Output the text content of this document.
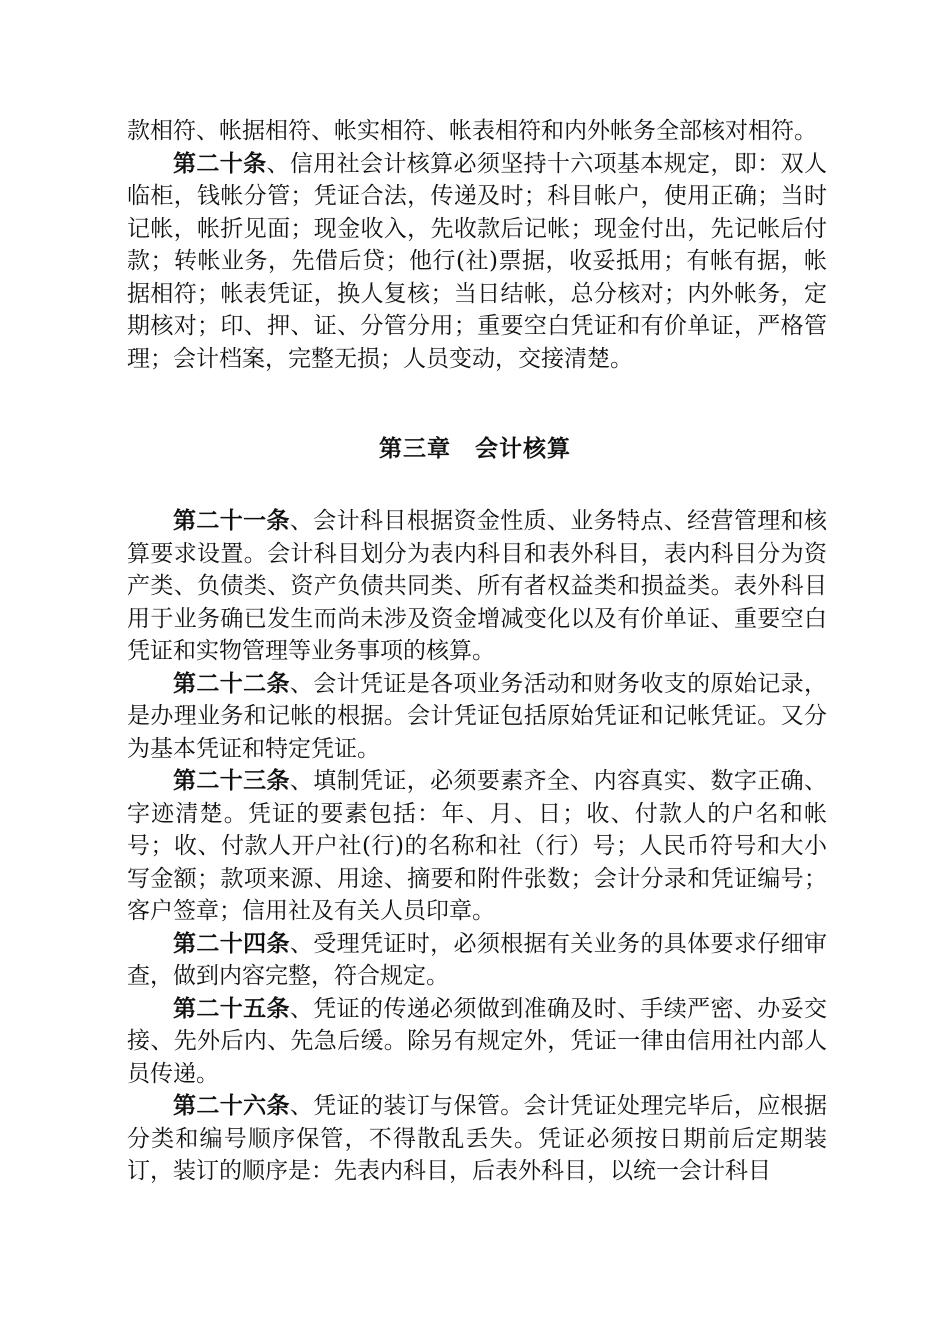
款相符、帐据相符、帐实相符、帐表相符和内外帐务全部核对相符。

第二十条、信用社会计核算必须坚持十六项基本规定，即：双人临柜，钱帐分管；凭证合法，传递及时；科目帐户，使用正确；当时记帐，帐折见面；现金收入，先收款后记帐；现金付出，先记帐后付款；转帐业务，先借后贷；他行(社)票据，收妥抵用；有帐有据，帐据相符；帐表凭证，换人复核；当日结帐，总分核对；内外帐务，定期核对；印、押、证、分管分用；重要空白凭证和有价单证，严格管理；会计档案，完整无损；人员变动，交接清楚。

第三章　会计核算

第二十一条、会计科目根据资金性质、业务特点、经营管理和核算要求设置。会计科目划分为表内科目和表外科目，表内科目分为资产类、负债类、资产负债共同类、所有者权益类和损益类。表外科目用于业务确已发生而尚未涉及资金增减变化以及有价单证、重要空白凭证和实物管理等业务事项的核算。

第二十二条、会计凭证是各项业务活动和财务收支的原始记录，是办理业务和记帐的根据。会计凭证包括原始凭证和记帐凭证。又分为基本凭证和特定凭证。

第二十三条、填制凭证，必须要素齐全、内容真实、数字正确、字迹清楚。凭证的要素包括：年、月、日；收、付款人的户名和帐号；收、付款人开户社(行)的名称和社（行）号；人民币符号和大小写金额；款项来源、用途、摘要和附件张数；会计分录和凭证编号；客户签章；信用社及有关人员印章。

第二十四条、受理凭证时，必须根据有关业务的具体要求仔细审查，做到内容完整，符合规定。

第二十五条、凭证的传递必须做到准确及时、手续严密、办妥交接、先外后内、先急后缓。除另有规定外，凭证一律由信用社内部人员传递。

第二十六条、凭证的装订与保管。会计凭证处理完毕后，应根据分类和编号顺序保管，不得散乱丢失。凭证必须按日期前后定期装订，装订的顺序是：先表内科目，后表外科目，以统一会计科目
